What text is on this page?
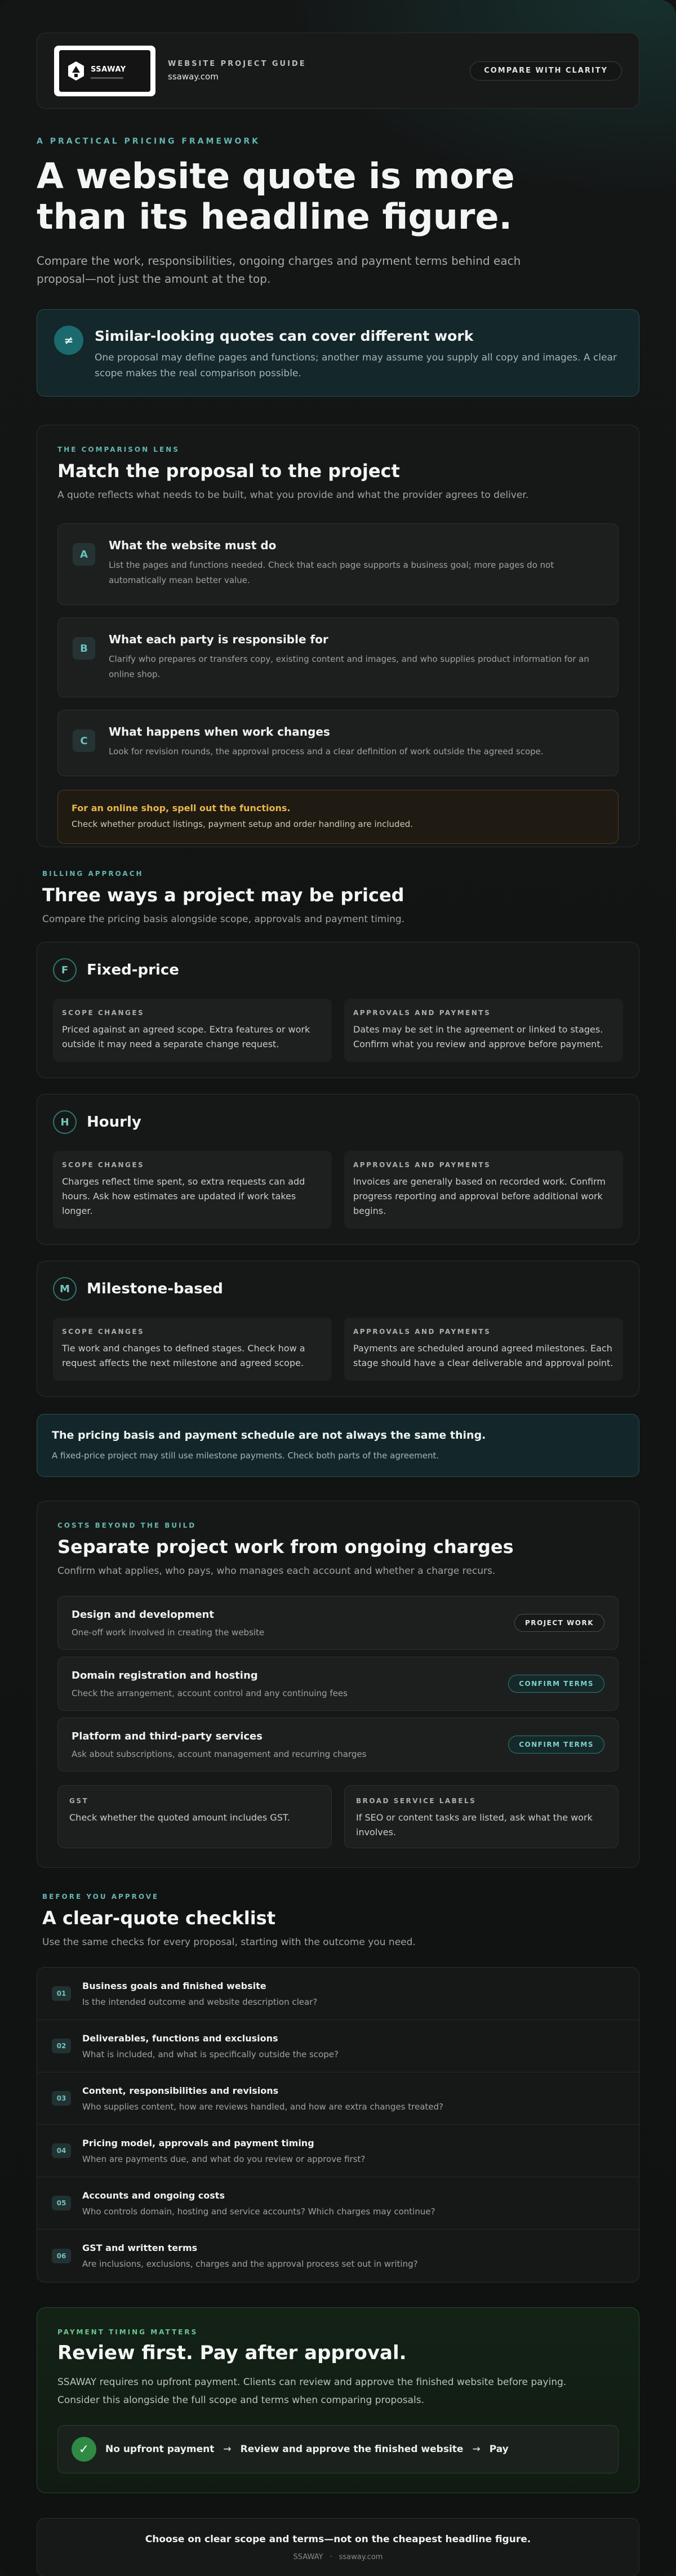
SSAWAY
WEBSITE PROJECT GUIDE
ssaway.com
COMPARE WITH CLARITY
A PRACTICAL PRICING FRAMEWORK
A website quote is more than its headline figure.

Compare the work, responsibilities, ongoing charges and payment terms behind each proposal—not just the amount at the top.

≠	Similar-looking quotes can cover different work
One proposal may define pages and functions; another may assume you supply all copy and images. A clear scope makes the real comparison possible.
THE COMPARISON LENS
Match the proposal to the project
A quote reflects what needs to be built, what you provide and what the provider agrees to deliver.
A
What the website must do
List the pages and functions needed. Check that each page supports a business goal; more pages do not automatically mean better value.
B
What each party is responsible for
Clarify who prepares or transfers copy, existing content and images, and who supplies product information for an online shop.
C
What happens when work changes
Look for revision rounds, the approval process and a clear definition of work outside the agreed scope.
For an online shop, spell out the functions.
Check whether product listings, payment setup and order handling are included.
BILLING APPROACH
Three ways a project may be priced
Compare the pricing basis alongside scope, approvals and payment timing.
F	Fixed-price
SCOPE CHANGES
Priced against an agreed scope. Extra features or work outside it may need a separate change request.
APPROVALS AND PAYMENTS
Dates may be set in the agreement or linked to stages. Confirm what you review and approve before payment.
H	Hourly
SCOPE CHANGES
Charges reflect time spent, so extra requests can add hours. Ask how estimates are updated if work takes longer.
APPROVALS AND PAYMENTS
Invoices are generally based on recorded work. Confirm progress reporting and approval before additional work begins.
M	Milestone-based
SCOPE CHANGES
Tie work and changes to defined stages. Check how a request affects the next milestone and agreed scope.
APPROVALS AND PAYMENTS
Payments are scheduled around agreed milestones. Each stage should have a clear deliverable and approval point.
The pricing basis and payment schedule are not always the same thing.
A fixed-price project may still use milestone payments. Check both parts of the agreement.
COSTS BEYOND THE BUILD
Separate project work from ongoing charges
Confirm what applies, who pays, who manages each account and whether a charge recurs.
Design and development
One-off work involved in creating the website
PROJECT WORK
Domain registration and hosting
Check the arrangement, account control and any continuing fees
CONFIRM TERMS
Platform and third-party services
Ask about subscriptions, account management and recurring charges
CONFIRM TERMS
GST
Check whether the quoted amount includes GST.
BROAD SERVICE LABELS
If SEO or content tasks are listed, ask what the work involves.
BEFORE YOU APPROVE
A clear-quote checklist
Use the same checks for every proposal, starting with the outcome you need.
01
Business goals and finished website
Is the intended outcome and website description clear?
02
Deliverables, functions and exclusions
What is included, and what is specifically outside the scope?
03
Content, responsibilities and revisions
Who supplies content, how are reviews handled, and how are extra changes treated?
04
Pricing model, approvals and payment timing
When are payments due, and what do you review or approve first?
05
Accounts and ongoing costs
Who controls domain, hosting and service accounts? Which charges may continue?
06
GST and written terms
Are inclusions, exclusions, charges and the approval process set out in writing?
PAYMENT TIMING MATTERS
Review first. Pay after approval.
SSAWAY requires no upfront payment. Clients can review and approve the finished website before paying. Consider this alongside the full scope and terms when comparing proposals.
✓	No upfront payment → Review and approve the finished website → Pay
Choose on clear scope and terms—not on the cheapest headline figure.
SSAWAY · ssaway.com
